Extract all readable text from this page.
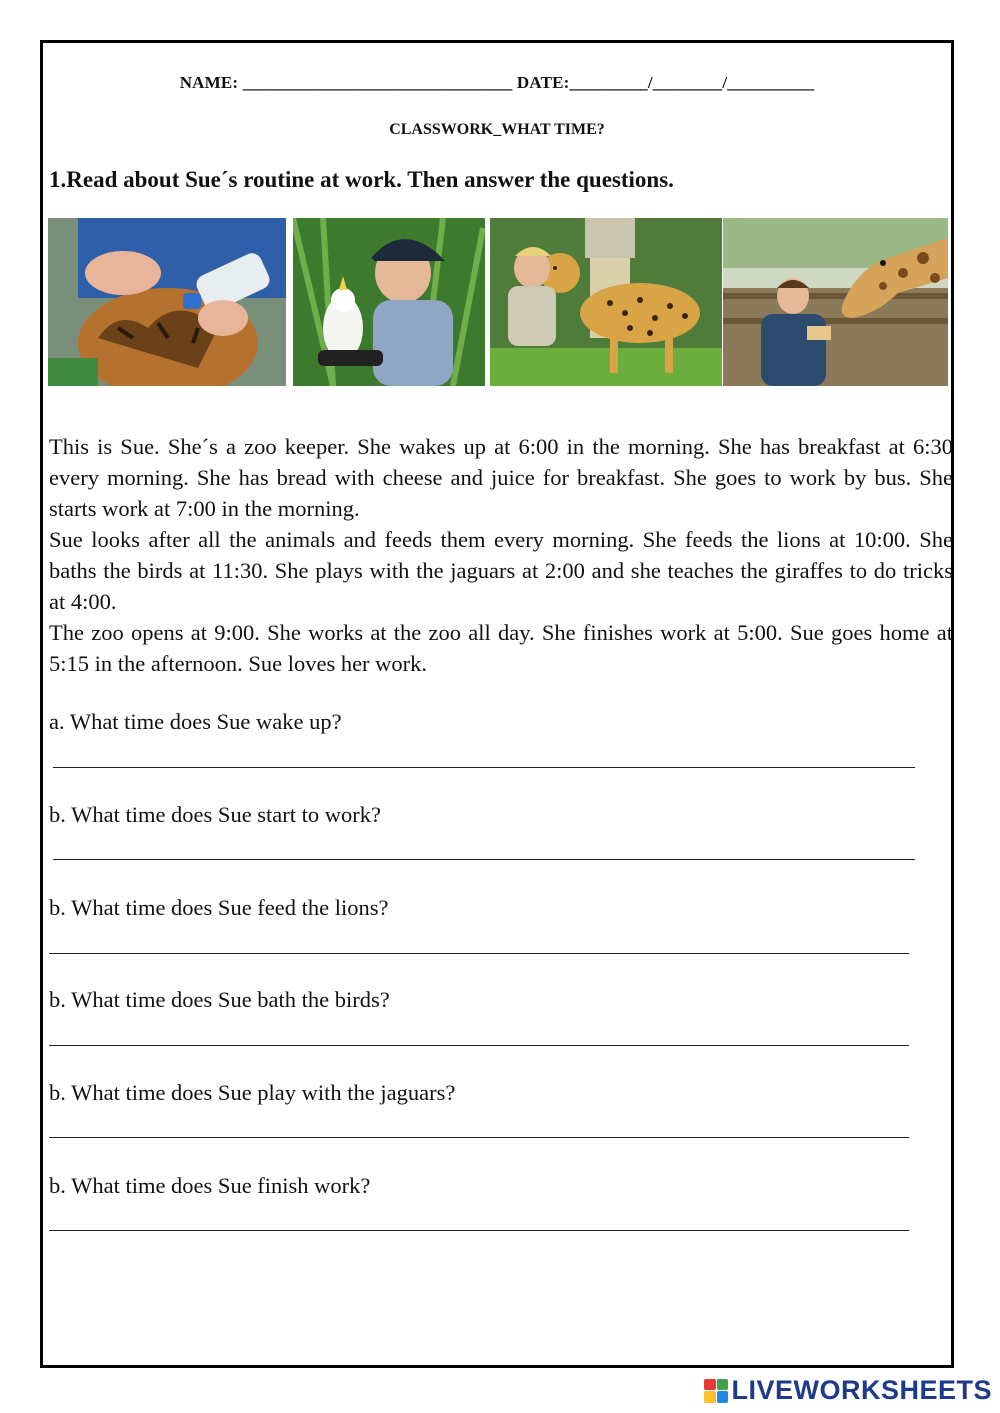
NAME: _______________________________ DATE:_________/________/__________
CLASSWORK_WHAT TIME?
1.Read about Sue´s routine at work. Then answer the questions.

This is Sue. She´s a zoo keeper. She wakes up at 6:00 in the morning. She has breakfast at 6:30 every morning. She has bread with cheese and juice for breakfast. She goes to work by bus. She starts work at 7:00 in the morning.

Sue looks after all the animals and feeds them every morning. She feeds the lions at 10:00. She baths the birds at 11:30. She plays with the jaguars at 2:00 and she teaches the giraffes to do tricks at 4:00.

The zoo opens at 9:00. She works at the zoo all day. She finishes work at 5:00. Sue goes home at 5:15 in the afternoon. Sue loves her work.

a. What time does Sue wake up?
b. What time does Sue start to work?
b. What time does Sue feed the lions?
b. What time does Sue bath the birds?
b. What time does Sue play with the jaguars?
b. What time does Sue finish work?
LIVEWORKSHEETS
